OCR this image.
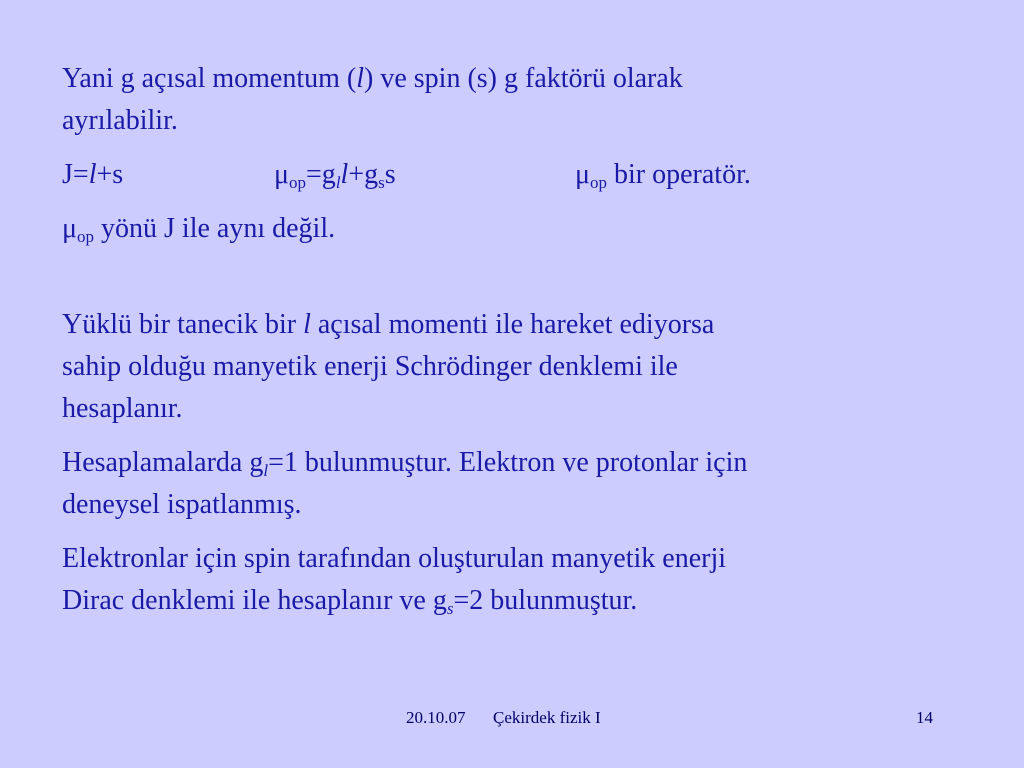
Yani g açısal momentum (l) ve spin (s) g faktörü olarak
ayrılabilir.

J=l+s	$\mu_{op}=g_ll+g_ss$	$\mu_{op}$ bir operatör.

$\mu_{op}$ yönü J ile aynı değil.

Yüklü bir tanecik bir l açısal momenti ile hareket ediyorsa
sahip olduğu manyetik enerji Schrödinger denklemi ile
hesaplanır.

Hesaplamalarda $g_l=1$ bulunmuştur. Elektron ve protonlar için
deneysel ispatlanmış.

Elektronlar için spin tarafından oluşturulan manyetik enerji
Dirac denklemi ile hesaplanır ve $g_s=2$ bulunmuştur.

20.10.07 Çekirdek fizik I	14
